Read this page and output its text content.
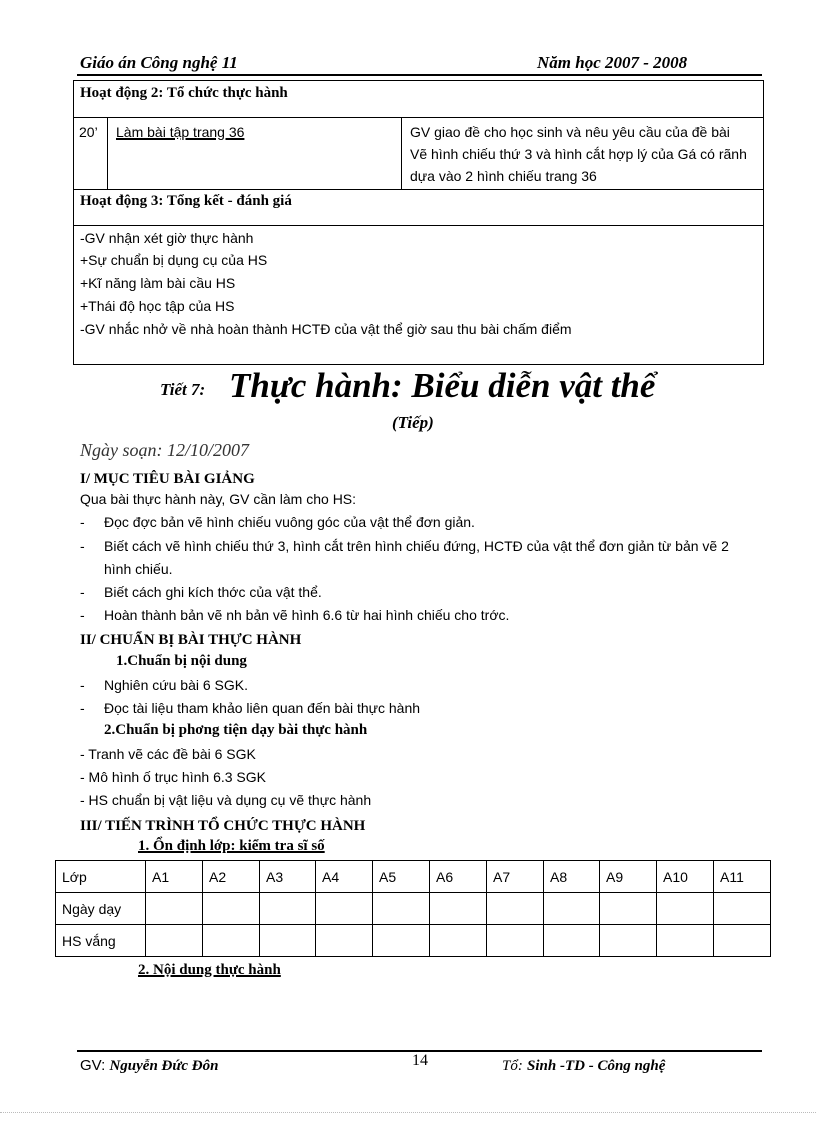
Giáo án Công nghệ 11	Năm học 2007 - 2008
Hoạt động 2: Tổ chức thực hành
20’ Làm bài tập trang 36	GV giao đề cho học sinh và nêu yêu cầu của đề bài
Vẽ hình chiếu thứ 3 và hình cắt hợp lý của Gá có rãnh
dựa vào 2 hình chiếu trang 36
Hoạt động 3: Tổng kết - đánh giá
-GV nhận xét giờ thực hành
+Sự chuẩn bị dụng cụ của HS
+Kĩ năng làm bài cầu HS
+Thái độ học tập của HS
-GV nhắc nhở về nhà hoàn thành HCTĐ của vật thể giờ sau thu bài chấm điểm
Tiết 7: Thực hành: Biểu diễn vật thể
(Tiếp)
Ngày soạn: 12/10/2007
I/ MỤC TIÊU BÀI GIẢNG
Qua bài thực hành này, GV cần làm cho HS:
- Đọc đợc bản vẽ hình chiếu vuông góc của vật thể đơn giản.
- Biết cách vẽ hình chiếu thứ 3, hình cắt trên hình chiếu đứng, HCTĐ của vật thể đơn giản từ bản vẽ 2
hình chiếu.
- Biết cách ghi kích thớc của vật thể.
- Hoàn thành bản vẽ nh bản vẽ hình 6.6 từ hai hình chiếu cho trớc.
II/ CHUẨN BỊ BÀI THỰC HÀNH
1.Chuẩn bị nội dung
- Nghiên cứu bài 6 SGK.
- Đọc tài liệu tham khảo liên quan đến bài thực hành
2.Chuẩn bị phơng tiện dạy bài thực hành
- Tranh vẽ các đề bài 6 SGK
- Mô hình ố trục hình 6.3 SGK
- HS chuẩn bị vật liệu và dụng cụ vẽ thực hành
III/ TIẾN TRÌNH TỔ CHỨC THỰC HÀNH
1. Ổn định lớp: kiểm tra sĩ số
Lớp	A1	A2	A3	A4	A5	A6	A7	A8	A9	A10	A11
Ngày dạy											
HS vắng											
2. Nội dung thực hành
GV: Nguyễn Đức Đôn	14	Tổ: Sinh -TD - Công nghệ
